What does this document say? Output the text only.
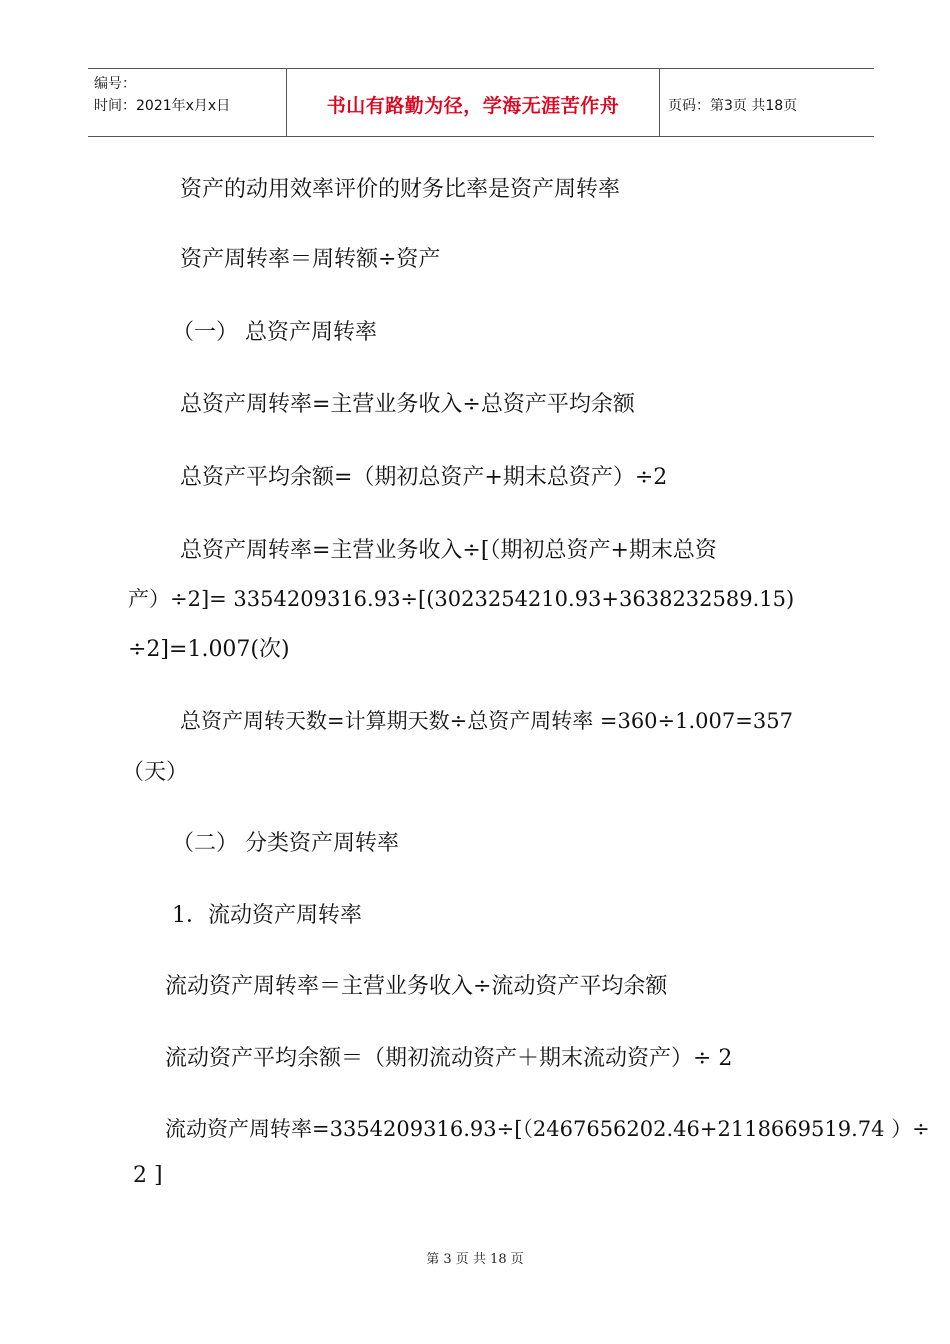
编号：
时间：2021年x月x日	书山有路勤为径，学海无涯苦作舟	页码：第3页 共18页
资产的动用效率评价的财务比率是资产周转率
资产周转率＝周转额÷资产
（一） 总资产周转率
总资产周转率=主营业务收入÷总资产平均余额
总资产平均余额=（期初总资产+期末总资产）÷2
总资产周转率=主营业务收入÷[（期初总资产+期末总资
产）÷2]= 3354209316.93÷[(3023254210.93+3638232589.15)
÷2]=1.007(次)
总资产周转天数=计算期天数÷总资产周转率 =360÷1.007=357
（天）
（二） 分类资产周转率
1．流动资产周转率
流动资产周转率＝主营业务收入÷流动资产平均余额
流动资产平均余额＝（期初流动资产＋期末流动资产）÷ 2
流动资产周转率=3354209316.93÷[（2467656202.46+2118669519.74 ）÷
2 ]
第 3 页 共 18 页
